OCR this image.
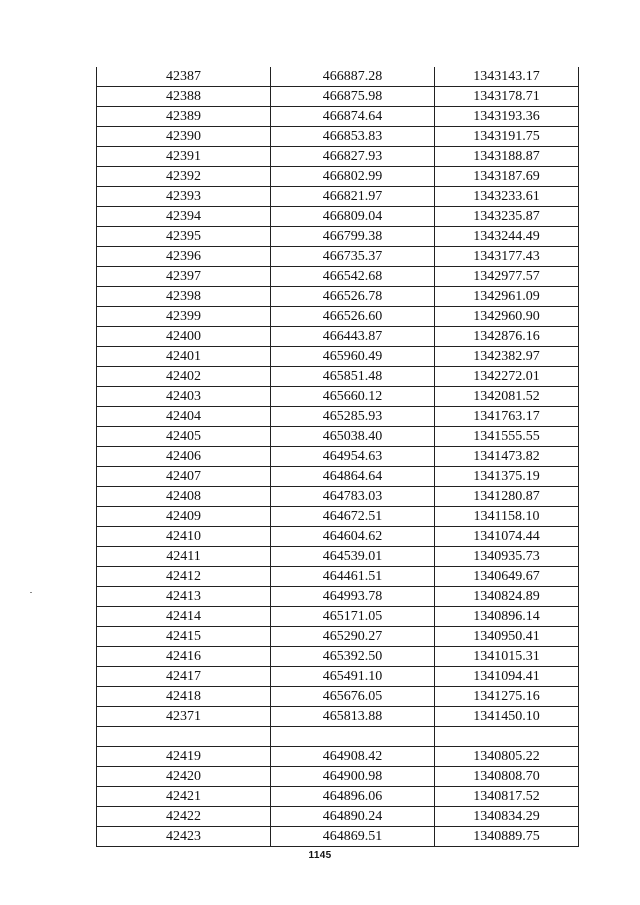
42387	466887.28	1343143.17
42388	466875.98	1343178.71
42389	466874.64	1343193.36
42390	466853.83	1343191.75
42391	466827.93	1343188.87
42392	466802.99	1343187.69
42393	466821.97	1343233.61
42394	466809.04	1343235.87
42395	466799.38	1343244.49
42396	466735.37	1343177.43
42397	466542.68	1342977.57
42398	466526.78	1342961.09
42399	466526.60	1342960.90
42400	466443.87	1342876.16
42401	465960.49	1342382.97
42402	465851.48	1342272.01
42403	465660.12	1342081.52
42404	465285.93	1341763.17
42405	465038.40	1341555.55
42406	464954.63	1341473.82
42407	464864.64	1341375.19
42408	464783.03	1341280.87
42409	464672.51	1341158.10
42410	464604.62	1341074.44
42411	464539.01	1340935.73
42412	464461.51	1340649.67
42413	464993.78	1340824.89
42414	465171.05	1340896.14
42415	465290.27	1340950.41
42416	465392.50	1341015.31
42417	465491.10	1341094.41
42418	465676.05	1341275.16
42371	465813.88	1341450.10

42419	464908.42	1340805.22
42420	464900.98	1340808.70
42421	464896.06	1340817.52
42422	464890.24	1340834.29
42423	464869.51	1340889.75
1145
